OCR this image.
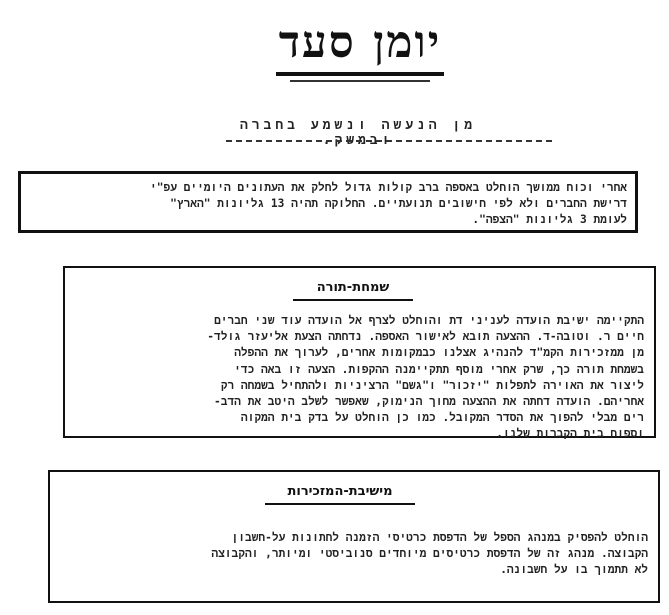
יומן סעד
מן הנעשה ונשמע בחברה ובמשק.
אחרי וכוח ממושך הוחלט באספה ברב קולות גדול לחלק את העתונים היומיים עפ"י
דרישת החברים ולא לפי חישובים תנועתיים. החלוקה תהיה 13 גליונות "הארץ"
לעומת 3 גליונות "הצפה".
שמחת-תורה
התקיימה ישיבת הועדה לעניני דת והוחלט לצרף אל הועדה עוד שני חברים
חיים ר. וטובה-ד. ההצעה תובא לאישור האספה. נדחתה הצעת אליעזר גולד-
מן ממזכירות הקמ"ד להנהיג אצלנו כבמקומות אחרים, לערוך את ההפלה
בשמחת תורה כך, שרק אחרי מוסף תתקיימנה ההקפות. הצעה זו באה כדי
ליצור את האוירה לתפלות "יזכור" ו"גשם" הרציניות ולהתחיל בשמחה רק
אחריהם. הועדה דחתה את ההצעה מחוך הנימוק, שאפשר לשלב היטב את הדב-
רים מבלי להפוך את הסדר המקובל. כמו כן הוחלט על בדק בית המקוה
וספוח בית הקברות שלנו.
מישיבת-המזכירות
הוחלט להפסיק במנהג הספל של הדפסת כרטיסי הזמנה לחתונות על-חשבון
הקבוצה. מנהג זה של הדפסת כרטיסים מיוחדים סנוביסטי ומיותר, והקבוצה
לא תתמוך בו על חשבונה.
